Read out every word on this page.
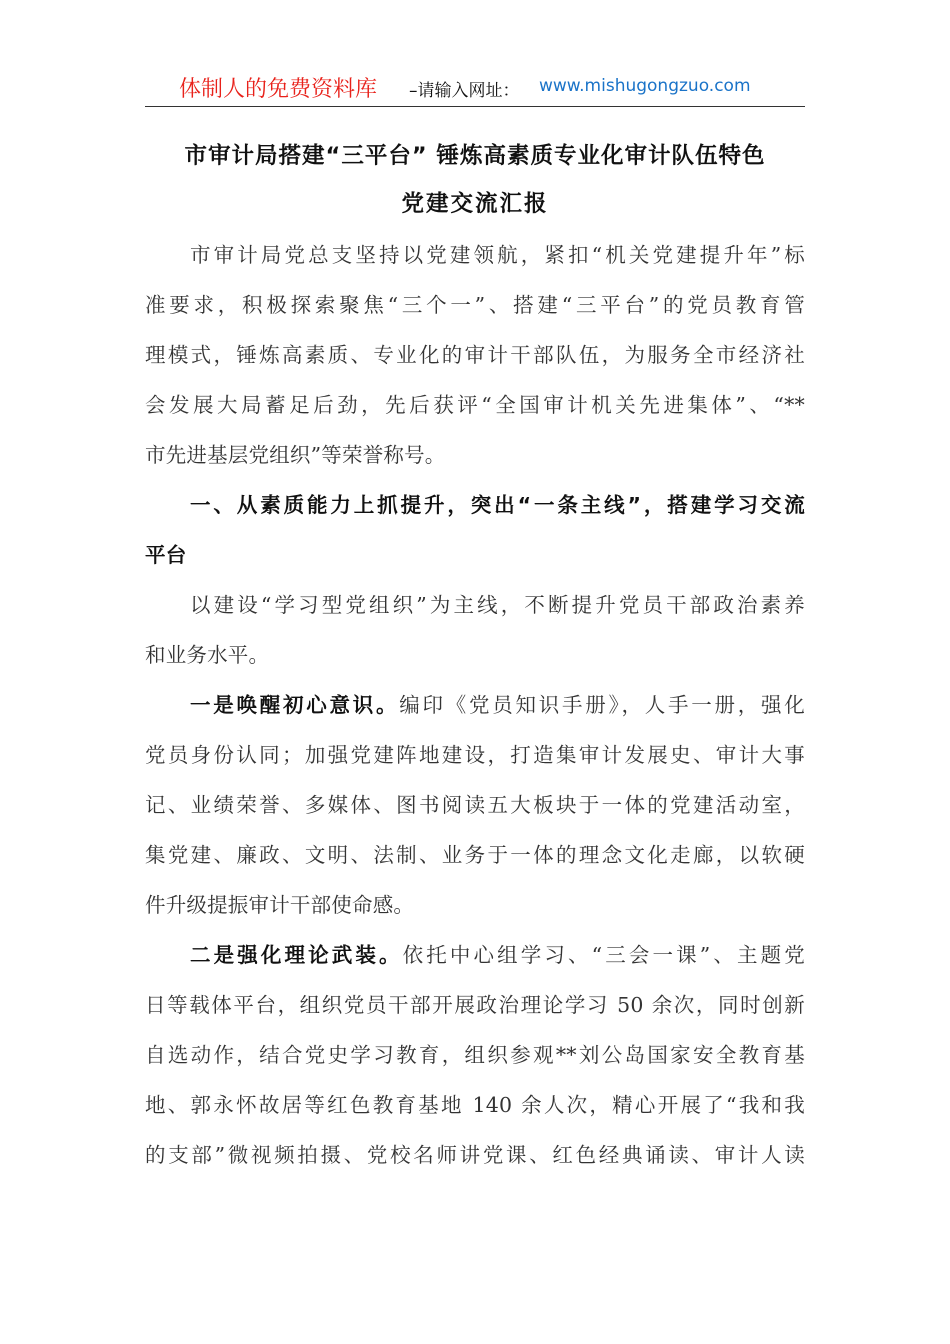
体制人的免费资料库 –请输入网址： www.mishugongzuo.com
市审计局搭建“三平台” 锤炼高素质专业化审计队伍特色
党建交流汇报
市审计局党总支坚持以党建领航，紧扣“机关党建提升年”标
准要求，积极探索聚焦“三个一”、搭建“三平台”的党员教育管
理模式，锤炼高素质、专业化的审计干部队伍，为服务全市经济社
会发展大局蓄足后劲，先后获评“全国审计机关先进集体”、“**
市先进基层党组织”等荣誉称号。
一、从素质能力上抓提升，突出“一条主线”，搭建学习交流
平台
以建设“学习型党组织”为主线，不断提升党员干部政治素养
和业务水平。
一是唤醒初心意识。编印《党员知识手册》，人手一册，强化
党员身份认同；加强党建阵地建设，打造集审计发展史、审计大事
记、业绩荣誉、多媒体、图书阅读五大板块于一体的党建活动室，
集党建、廉政、文明、法制、业务于一体的理念文化走廊，以软硬
件升级提振审计干部使命感。
二是强化理论武装。依托中心组学习、“三会一课”、主题党
日等载体平台，组织党员干部开展政治理论学习 50 余次，同时创新
自选动作，结合党史学习教育，组织参观**刘公岛国家安全教育基
地、郭永怀故居等红色教育基地 140 余人次，精心开展了“我和我
的支部”微视频拍摄、党校名师讲党课、红色经典诵读、审计人读
